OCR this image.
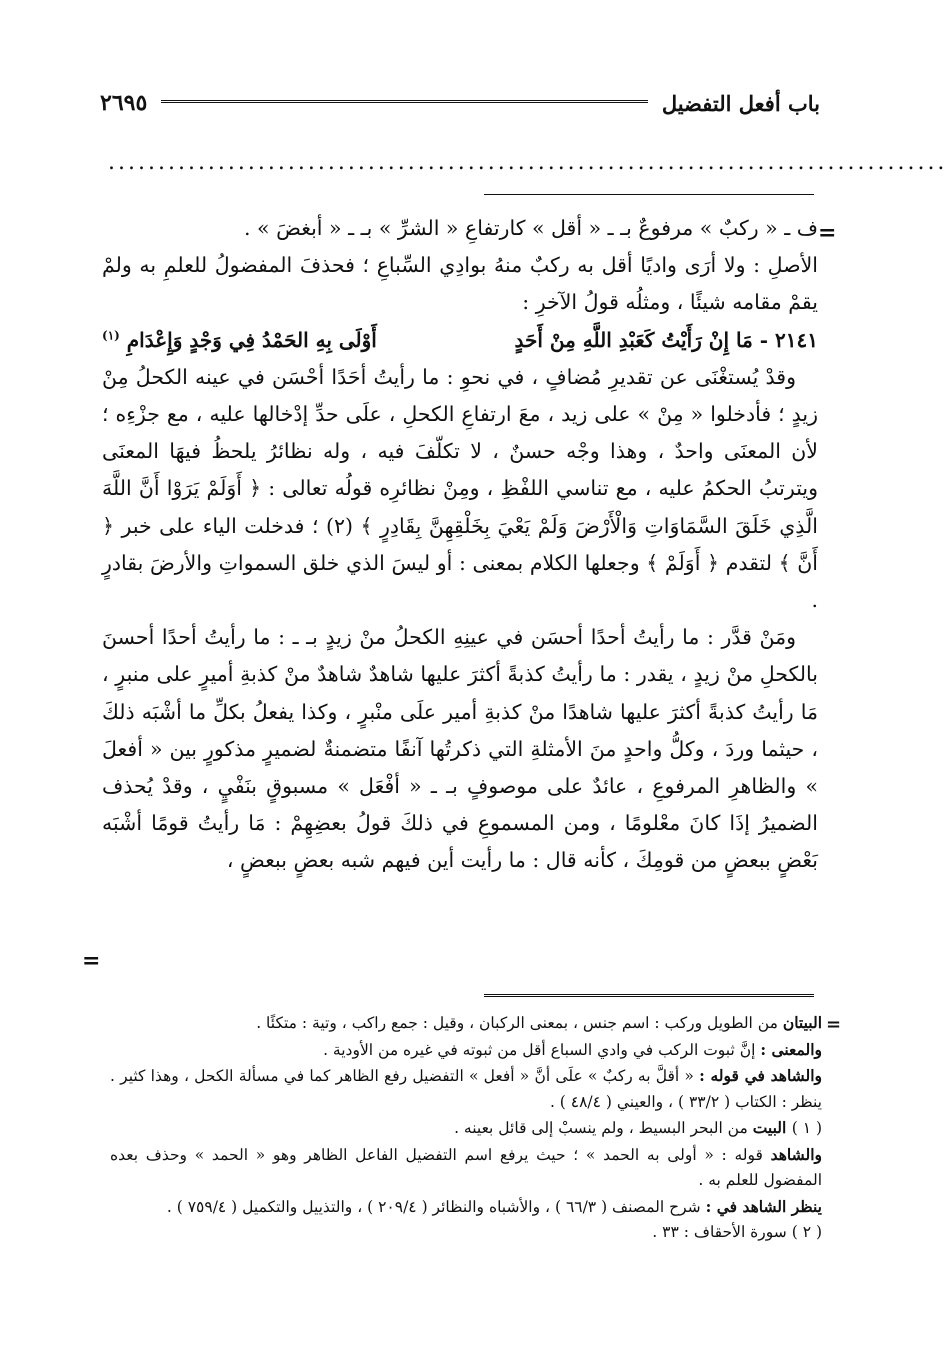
باب أفعل التفضيل
٢٦٩٥
....................................................................................
=

ف ـ « ركبٌ » مرفوعٌ بـ ـ « أقل » كارتفاعِ « الشرِّ » بـ ـ « أبغضَ » .

الأصلِ : ولا أرَى واديًا أقل به ركبٌ منهُ بوادِي السِّباعِ ؛ فحذفَ المفضولُ للعلمِ به ولمْ يقمْ مقامه شيئًا ، ومثلُه قولُ الآخرِ :

٢١٤١ - مَا إِنْ رَأَيْتُ كَعَبْدِ اللَّهِ مِنْ أَحَدٍ
أَوْلَى بِهِ الحَمْدُ فِي وَجْدٍ وَإِعْدَامِ $^{(١)}$

وقدْ يُستغْنَى عن تقديرِ مُضافٍ ، في نحوِ : ما رأيتُ أحَدًا أحْسَن في عينه الكحلُ مِنْ زيدٍ ؛ فأدخلوا « مِنْ » على زيد ، معَ ارتفاعِ الكحلِ ، علَى حدِّ إدْخالها عليه ، مع جزْءِه ؛ لأن المعنَى واحدٌ ، وهذا وجْه حسنٌ ، لا تكلّفَ فيه ، وله نظائرُ يلحظُ فيهَا المعنَى ويترتبُ الحكمُ عليه ، مع تناسي اللفْظِ ، ومِنْ نظائرِه قولُه تعالى : ﴿ أَوَلَمْ يَرَوْا أَنَّ اللَّهَ الَّذِي خَلَقَ السَّمَاوَاتِ وَالْأَرْضَ وَلَمْ يَعْيَ بِخَلْقِهِنَّ بِقَادِرٍ ﴾ (٢) ؛ فدخلت الياء على خبر ﴿ أَنَّ ﴾ لتقدم ﴿ أَوَلَمْ ﴾ وجعلها الكلام بمعنى : أو ليسَ الذي خلق السمواتِ والأرضَ بقادرٍ .

ومَنْ قدَّر : ما رأيتُ أحدًا أحسَن في عينِهِ الكحلُ منْ زيدٍ بـ ـ : ما رأيتُ أحدًا أحسنَ بالكحلِ منْ زيدٍ ، يقدر : ما رأيتُ كذبةً أكثرَ عليها شاهدٌ شاهدٌ منْ كذبةِ أميرٍ على منبرٍ ، مَا رأيتُ كذبةً أكثرَ عليها شاهدًا منْ كذبةِ أمير علَى منْبرٍ ، وكذا يفعلُ بكلِّ ما أشْبَه ذلكَ ، حيثما وردَ ، وكلُّ واحدٍ منَ الأمثلةِ التي ذكرتُها آنفًا متضمنةٌ لضميرٍ مذكورٍ بين « أفعلَ » والظاهرِ المرفوعِ ، عائدٌ على موصوفٍ بـ ـ « أفْعَل » مسبوقٍ بنَفْيٍ ، وقدْ يُحذف الضميرُ إذَا كانَ معْلومًا ، ومن المسموعِ في ذلكَ قولُ بعضِهِمْ : مَا رأيتُ قومًا أشْبَه بَعْضٍ ببعضٍ من قومِكَ ، كأنه قال : ما رأيت أين فيهم شبه بعضٍ ببعضٍ ،

=
=

البيتان من الطويل وركب : اسم جنس ، بمعنى الركبان ، وقيل : جمع راكب ، وتية : متكئًا .

والمعنى : إنَّ ثبوت الركب في وادي السباع أقل من ثبوته في غيره من الأودية .

والشاهد في قوله : « أقلَّ به ركبٌ » علَى أنَّ « أفعل » التفضيل رفع الظاهر كما في مسألة الكحل ، وهذا كثير . ينظر : الكتاب ( ٣٣/٢ ) ، والعيني ( ٤٨/٤ ) .

( ١ ) البيت من البحر البسيط ، ولم ينسبْ إلى قائل بعينه .

والشاهد قوله : « أولى به الحمد » ؛ حيث يرفع اسم التفضيل الفاعل الظاهر وهو « الحمد » وحذف بعده المفضول للعلم به .

ينظر الشاهد في : شرح المصنف ( ٦٦/٣ ) ، والأشباه والنظائر ( ٢٠٩/٤ ) ، والتذييل والتكميل ( ٧٥٩/٤ ) .

( ٢ ) سورة الأحقاف : ٣٣ .
